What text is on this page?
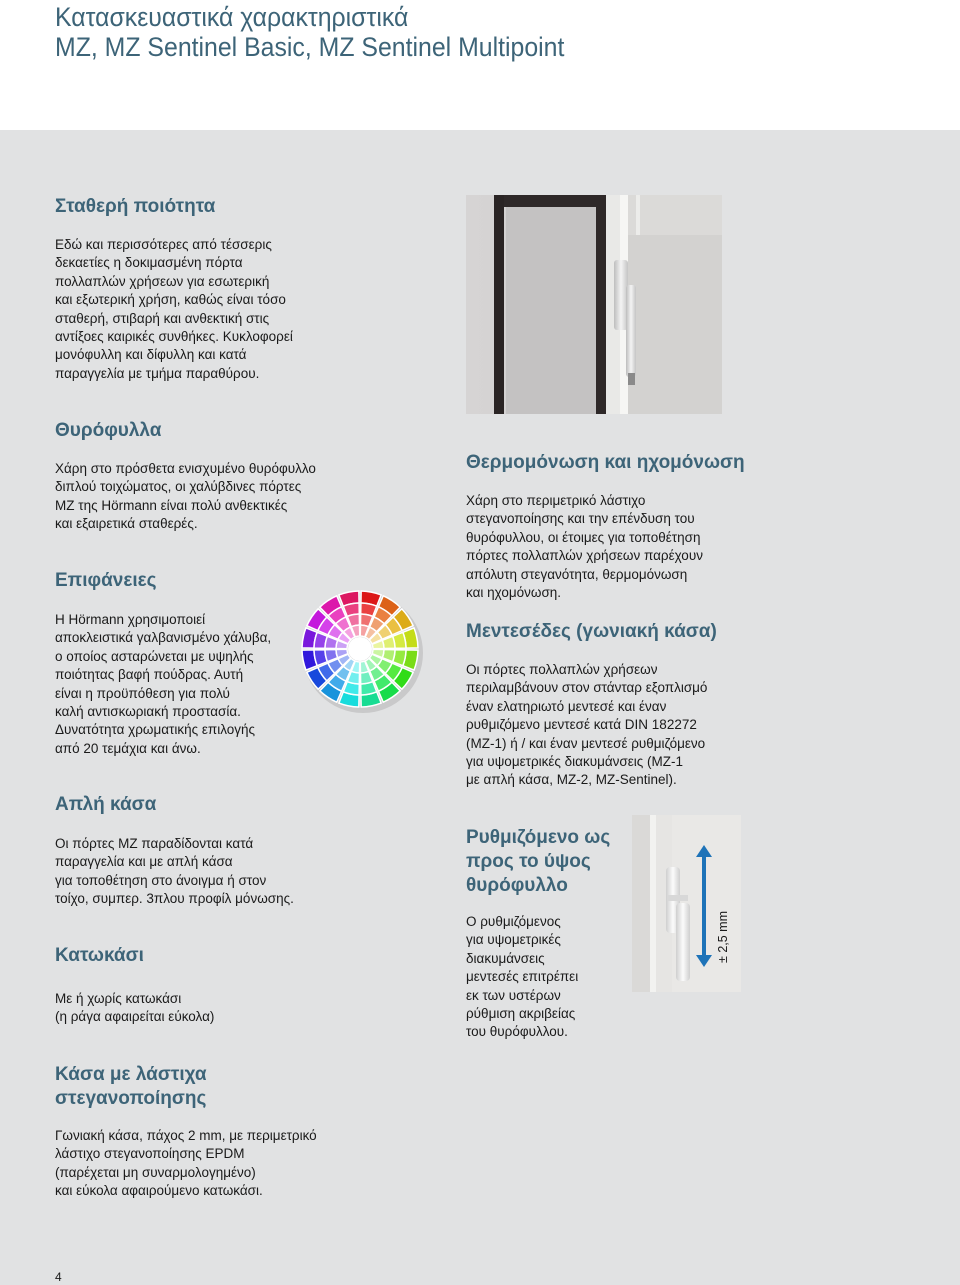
Κατασκευαστικά χαρακτηριστικά
MZ, MZ Sentinel Basic, MZ Sentinel Multipoint
Σταθερή ποιότητα

Εδώ και περισσότερες από τέσσερις
δεκαετίες η δοκιμασμένη πόρτα
πολλαπλών χρήσεων για εσωτερική
και εξωτερική χρήση, καθώς είναι τόσο
σταθερή, στιβαρή και ανθεκτική στις
αντίξοες καιρικές συνθήκες. Κυκλοφορεί
μονόφυλλη και δίφυλλη και κατά
παραγγελία με τμήμα παραθύρου.

Θυρόφυλλα

Χάρη στο πρόσθετα ενισχυμένο θυρόφυλλο
διπλού τοιχώματος, οι χαλύβδινες πόρτες
MZ της Hörmann είναι πολύ ανθεκτικές
και εξαιρετικά σταθερές.

Επιφάνειες

Η Hörmann χρησιμοποιεί
αποκλειστικά γαλβανισμένο χάλυβα,
ο οποίος ασταρώνεται με υψηλής
ποιότητας βαφή πούδρας. Αυτή
είναι η προϋπόθεση για πολύ
καλή αντισκωριακή προστασία.
Δυνατότητα χρωματικής επιλογής
από 20 τεμάχια και άνω.

Απλή κάσα

Οι πόρτες MZ παραδίδονται κατά
παραγγελία και με απλή κάσα
για τοποθέτηση στο άνοιγμα ή στον
τοίχο, συμπερ. 3πλου προφίλ μόνωσης.

Κατωκάσι

Με ή χωρίς κατωκάσι
(η ράγα αφαιρείται εύκολα)

Κάσα με λάστιχα
στεγανοποίησης

Γωνιακή κάσα, πάχος 2 mm, με περιμετρικό
λάστιχο στεγανοποίησης EPDM
(παρέχεται μη συναρμολογημένο)
και εύκολα αφαιρούμενο κατωκάσι.

Θερμομόνωση και ηχομόνωση

Χάρη στο περιμετρικό λάστιχο
στεγανοποίησης και την επένδυση του
θυρόφυλλου, οι έτοιμες για τοποθέτηση
πόρτες πολλαπλών χρήσεων παρέχουν
απόλυτη στεγανότητα, θερμομόνωση
και ηχομόνωση.

Μεντεσέδες (γωνιακή κάσα)

Οι πόρτες πολλαπλών χρήσεων
περιλαμβάνουν στον στάνταρ εξοπλισμό
έναν ελατηριωτό μεντεσέ και έναν
ρυθμιζόμενο μεντεσέ κατά DIN 182272
(MZ-1) ή / και έναν μεντεσέ ρυθμιζόμενο
για υψομετρικές διακυμάνσεις (MZ-1
με απλή κάσα, MZ-2, MZ-Sentinel).

Ρυθμιζόμενο ως
προς το ύψος
θυρόφυλλο

Ο ρυθμιζόμενος
για υψομετρικές
διακυμάνσεις
μεντεσές επιτρέπει
εκ των υστέρων
ρύθμιση ακριβείας
του θυρόφυλλου.

± 2,5 mm
4
